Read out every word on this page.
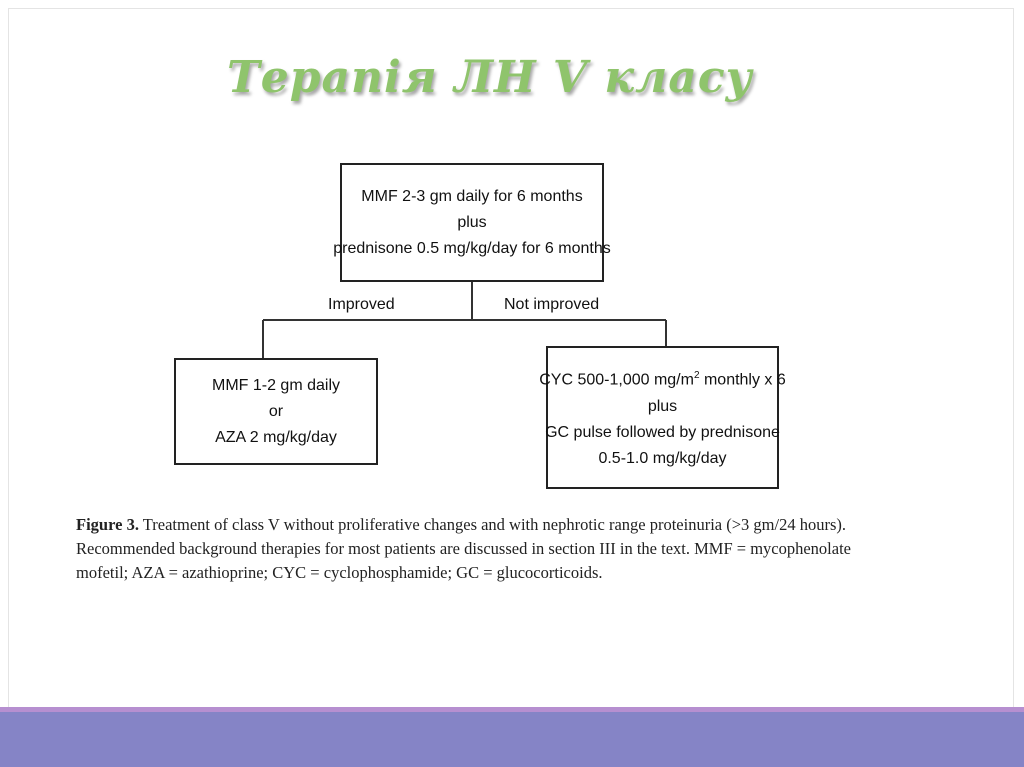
Терапія ЛН V класу
MMF 2-3 gm daily for 6 months
plus
prednisone 0.5 mg/kg/day for 6 months
Improved	Not improved
MMF 1-2 gm daily
or
AZA 2 mg/kg/day
CYC 500-1,000 $mg/m^2$ monthly x 6
plus
GC pulse followed by prednisone
0.5-1.0 mg/kg/day
Figure 3. Treatment of class V without proliferative changes and with nephrotic range proteinuria (>3 gm/24 hours). Recommended background therapies for most patients are discussed in section III in the text. MMF = mycophenolate mofetil; AZA = azathioprine; CYC = cyclophosphamide; GC = glucocorticoids.
